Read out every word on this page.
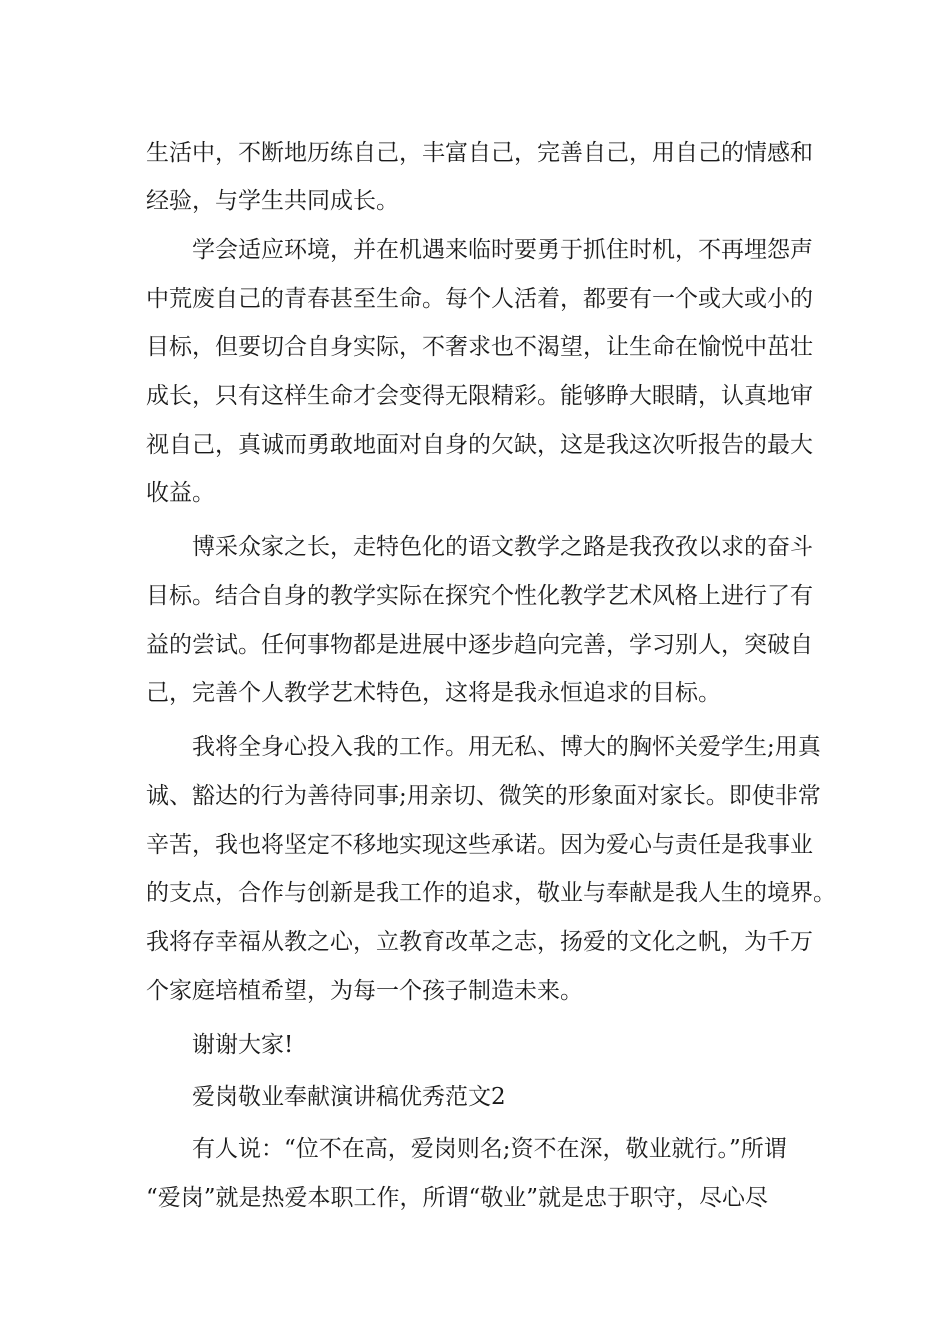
生活中，不断地历练自己，丰富自己，完善自己，用自己的情感和
经验，与学生共同成长。
学会适应环境，并在机遇来临时要勇于抓住时机，不再埋怨声
中荒废自己的青春甚至生命。每个人活着，都要有一个或大或小的
目标，但要切合自身实际，不奢求也不渴望，让生命在愉悦中茁壮
成长，只有这样生命才会变得无限精彩。能够睁大眼睛，认真地审
视自己，真诚而勇敢地面对自身的欠缺，这是我这次听报告的最大
收益。
博采众家之长，走特色化的语文教学之路是我孜孜以求的奋斗
目标。结合自身的教学实际在探究个性化教学艺术风格上进行了有
益的尝试。任何事物都是进展中逐步趋向完善，学习别人，突破自
己，完善个人教学艺术特色，这将是我永恒追求的目标。
我将全身心投入我的工作。用无私、博大的胸怀关爱学生;用真
诚、豁达的行为善待同事;用亲切、微笑的形象面对家长。即使非常
辛苦，我也将坚定不移地实现这些承诺。因为爱心与责任是我事业
的支点，合作与创新是我工作的追求，敬业与奉献是我人生的境界。
我将存幸福从教之心，立教育改革之志，扬爱的文化之帆，为千万
个家庭培植希望，为每一个孩子制造未来。
谢谢大家!
爱岗敬业奉献演讲稿优秀范文2
有人说：“位不在高，爱岗则名;资不在深，敬业就行。”所谓
“爱岗”就是热爱本职工作，所谓“敬业”就是忠于职守，尽心尽
